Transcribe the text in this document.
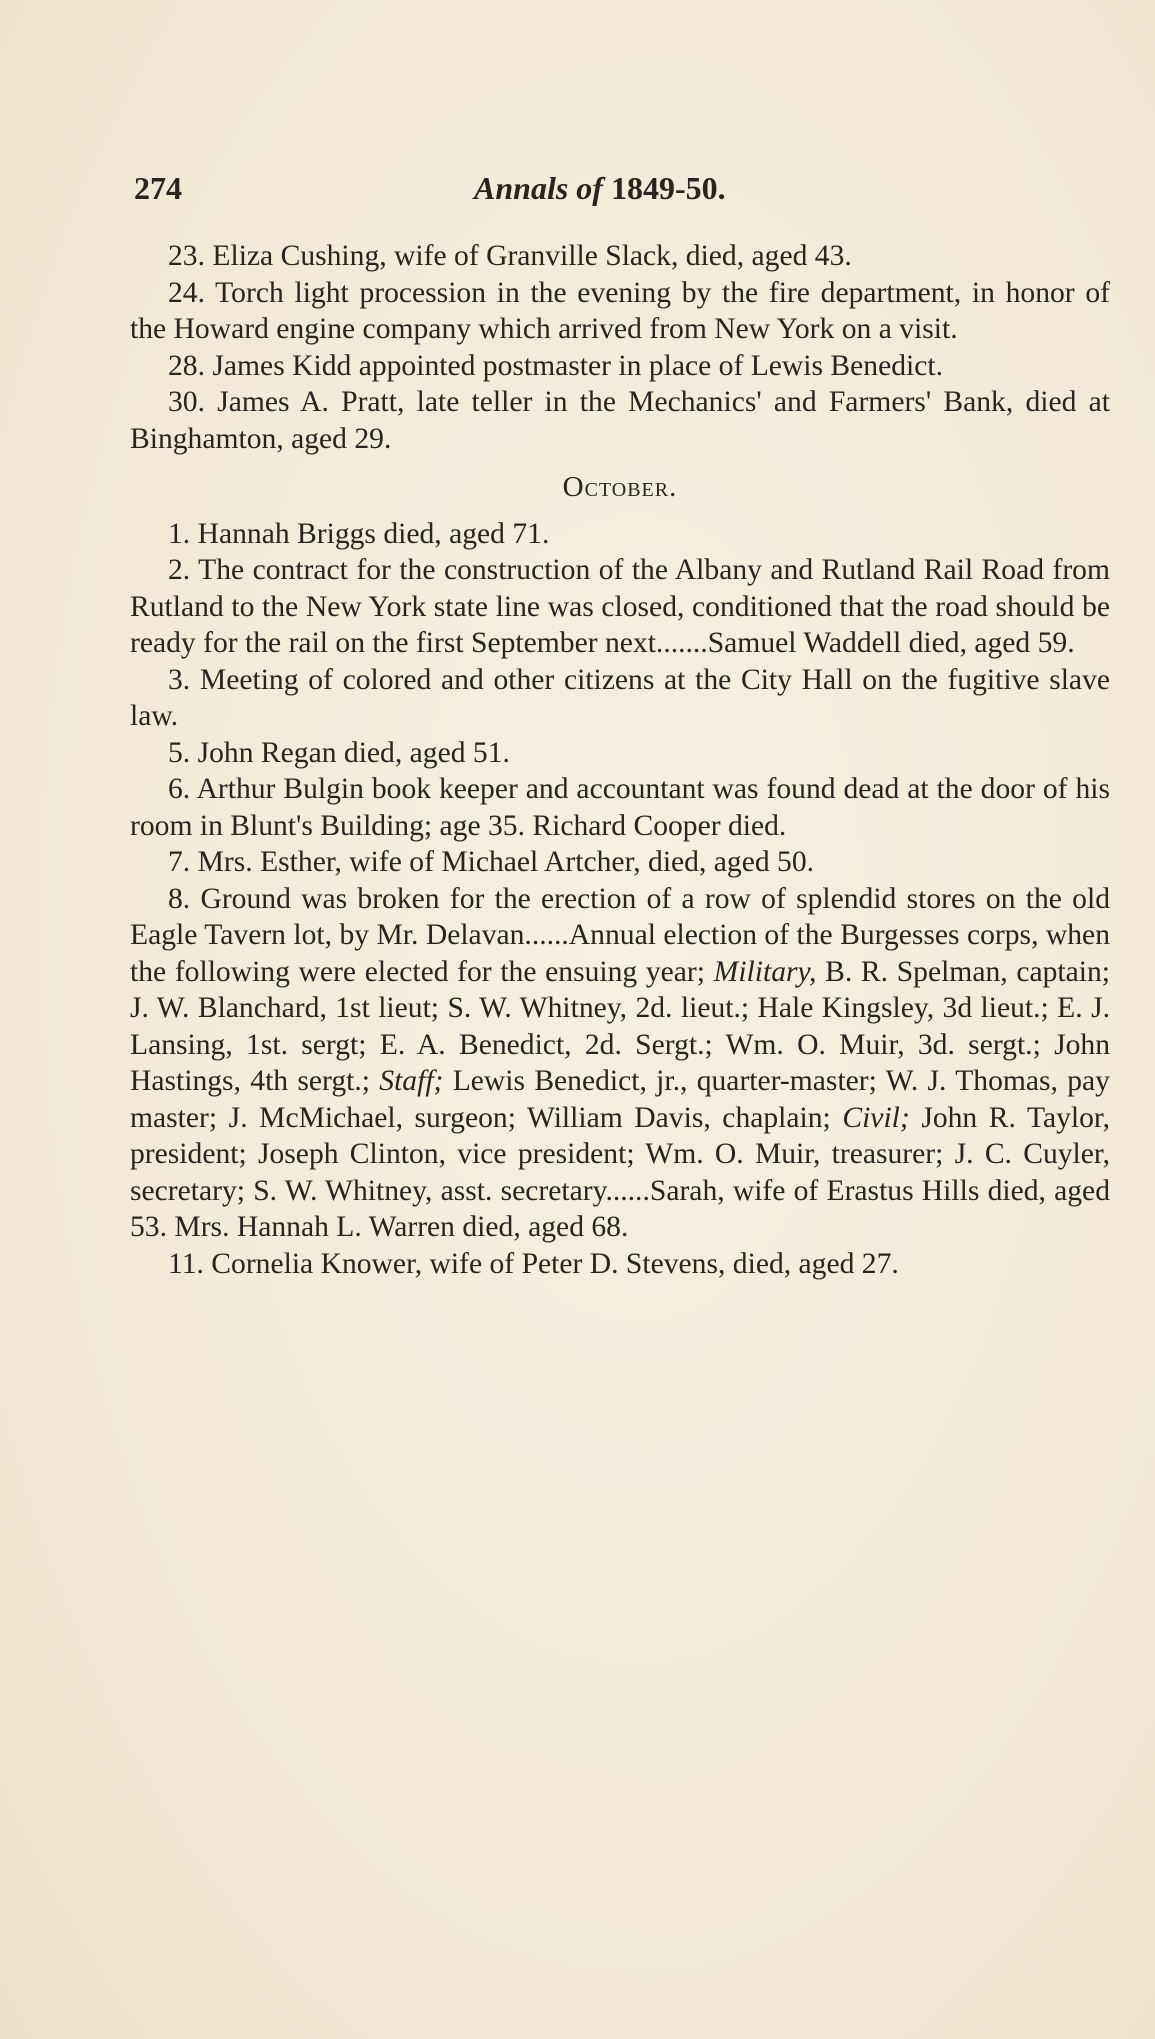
274	Annals of 1849-50.

23. Eliza Cushing, wife of Granville Slack, died, aged 43.

24. Torch light procession in the evening by the fire department, in honor of the Howard engine company which arrived from New York on a visit.

28. James Kidd appointed postmaster in place of Lewis Benedict.

30. James A. Pratt, late teller in the Mechanics' and Farmers' Bank, died at Binghamton, aged 29.

October.

1. Hannah Briggs died, aged 71.

2. The contract for the construction of the Albany and Rutland Rail Road from Rutland to the New York state line was closed, conditioned that the road should be ready for the rail on the first September next.......Samuel Waddell died, aged 59.

3. Meeting of colored and other citizens at the City Hall on the fugitive slave law.

5. John Regan died, aged 51.

6. Arthur Bulgin book keeper and accountant was found dead at the door of his room in Blunt's Building; age 35. Richard Cooper died.

7. Mrs. Esther, wife of Michael Artcher, died, aged 50.

8. Ground was broken for the erection of a row of splendid stores on the old Eagle Tavern lot, by Mr. Delavan......Annual election of the Burgesses corps, when the following were elected for the ensuing year; Military, B. R. Spelman, captain; J. W. Blanchard, 1st lieut; S. W. Whitney, 2d. lieut.; Hale Kingsley, 3d lieut.; E. J. Lansing, 1st. sergt; E. A. Benedict, 2d. Sergt.; Wm. O. Muir, 3d. sergt.; John Hastings, 4th sergt.; Staff; Lewis Benedict, jr., quarter-master; W. J. Thomas, pay master; J. McMichael, surgeon; William Davis, chaplain; Civil; John R. Taylor, president; Joseph Clinton, vice president; Wm. O. Muir, treasurer; J. C. Cuyler, secretary; S. W. Whitney, asst. secretary......Sarah, wife of Erastus Hills died, aged 53. Mrs. Hannah L. Warren died, aged 68.

11. Cornelia Knower, wife of Peter D. Stevens, died, aged 27.
